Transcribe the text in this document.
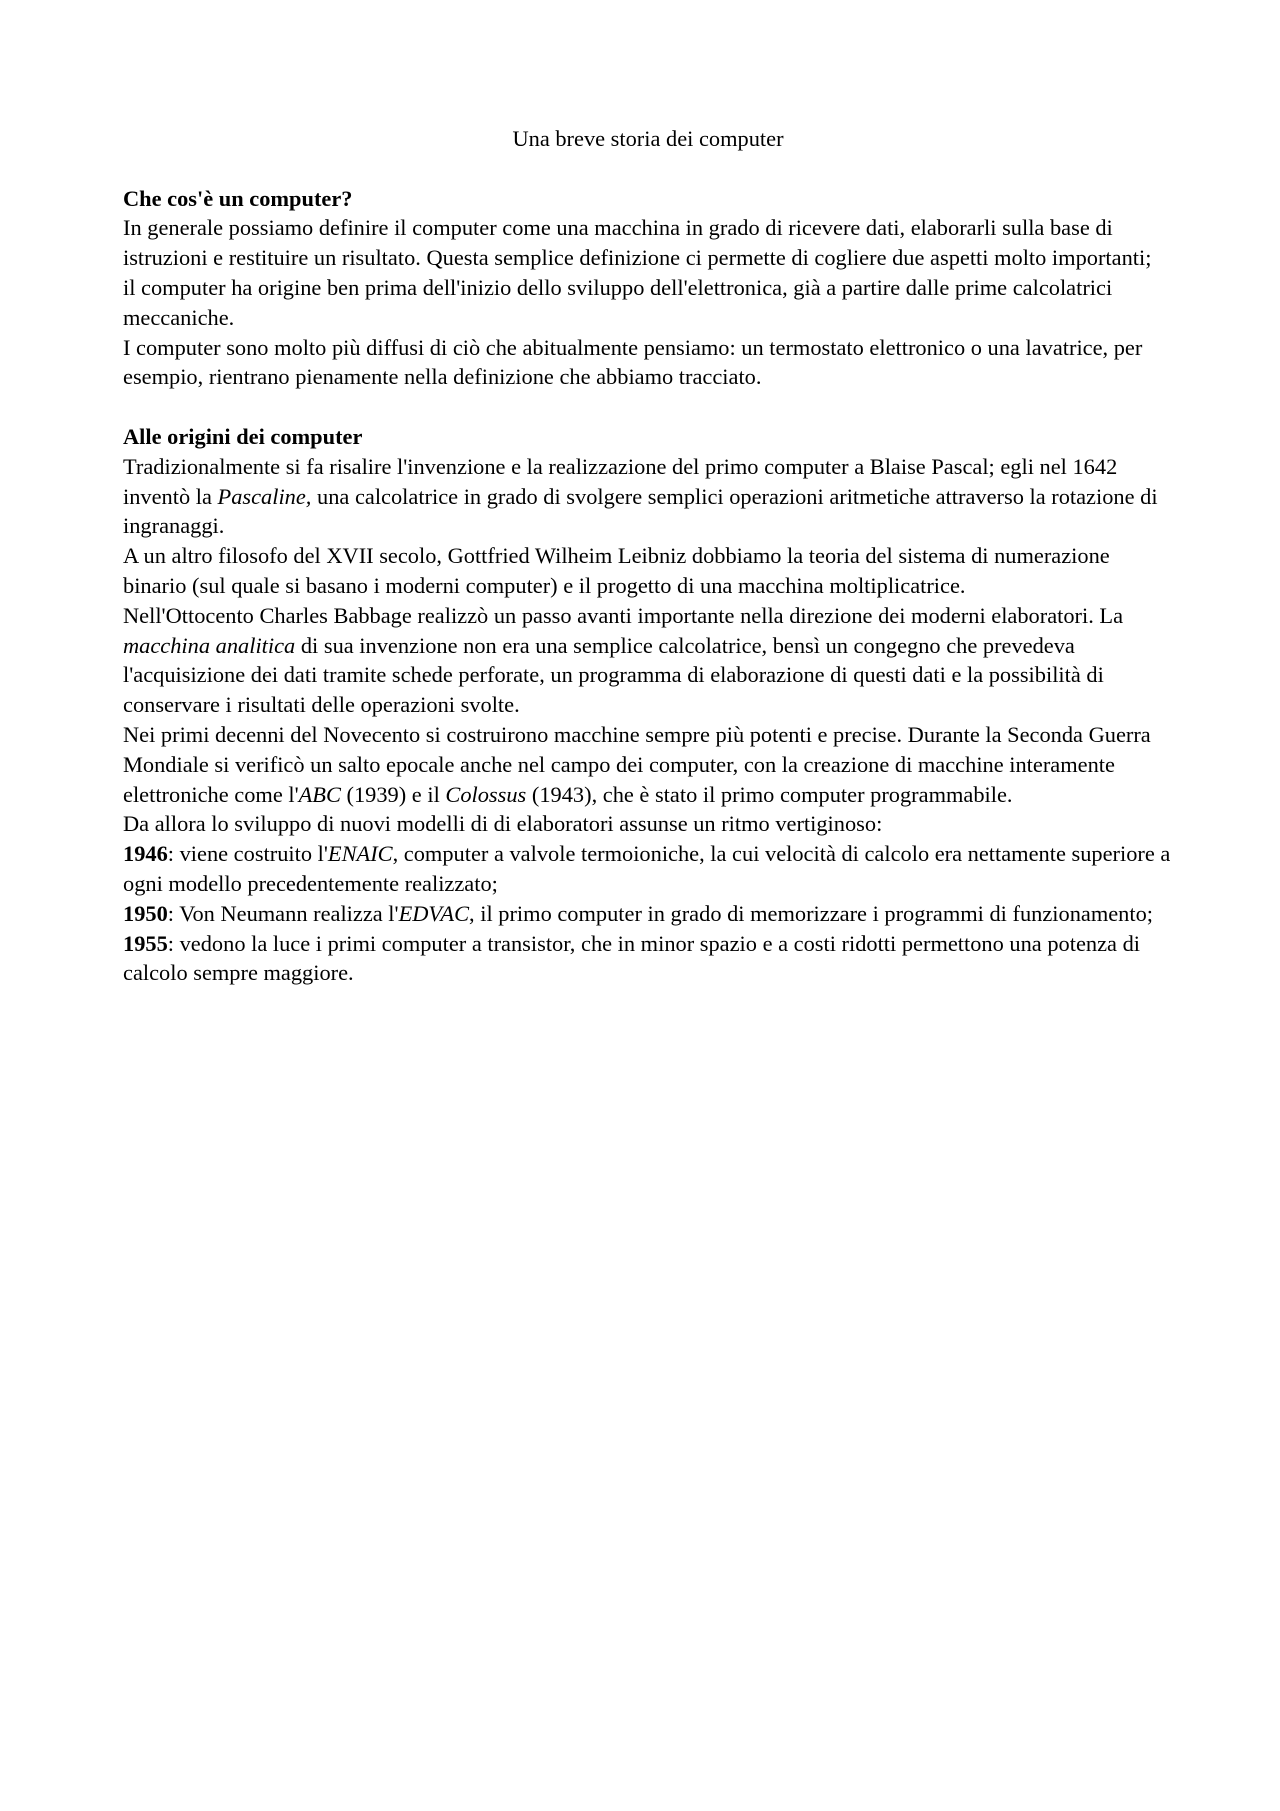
Una breve storia dei computer

Che cos'è un computer?

In generale possiamo definire il computer come una macchina in grado di ricevere dati, elaborarli sulla base di istruzioni e restituire un risultato. Questa semplice definizione ci permette di cogliere due aspetti molto importanti;

il computer ha origine ben prima dell'inizio dello sviluppo dell'elettronica, già a partire dalle prime calcolatrici meccaniche.

I computer sono molto più diffusi di ciò che abitualmente pensiamo: un termostato elettronico o una lavatrice, per esempio, rientrano pienamente nella definizione che abbiamo tracciato.

Alle origini dei computer

Tradizionalmente si fa risalire l'invenzione e la realizzazione del primo computer a Blaise Pascal; egli nel 1642 inventò la Pascaline, una calcolatrice in grado di svolgere semplici operazioni aritmetiche attraverso la rotazione di ingranaggi.

A un altro filosofo del XVII secolo, Gottfried Wilheim Leibniz dobbiamo la teoria del sistema di numerazione binario (sul quale si basano i moderni computer) e il progetto di una macchina moltiplicatrice.

Nell'Ottocento Charles Babbage realizzò un passo avanti importante nella direzione dei moderni elaboratori. La macchina analitica di sua invenzione non era una semplice calcolatrice, bensì un congegno che prevedeva l'acquisizione dei dati tramite schede perforate, un programma di elaborazione di questi dati e la possibilità di conservare i risultati delle operazioni svolte.

Nei primi decenni del Novecento si costruirono macchine sempre più potenti e precise. Durante la Seconda Guerra Mondiale si verificò un salto epocale anche nel campo dei computer, con la creazione di macchine interamente elettroniche come l'ABC (1939) e il Colossus (1943), che è stato il primo computer programmabile.

Da allora lo sviluppo di nuovi modelli di di elaboratori assunse un ritmo vertiginoso:

1946: viene costruito l'ENAIC, computer a valvole termoioniche, la cui velocità di calcolo era nettamente superiore a ogni modello precedentemente realizzato;

1950: Von Neumann realizza l'EDVAC, il primo computer in grado di memorizzare i programmi di funzionamento;

1955: vedono la luce i primi computer a transistor, che in minor spazio e a costi ridotti permettono una potenza di calcolo sempre maggiore.
